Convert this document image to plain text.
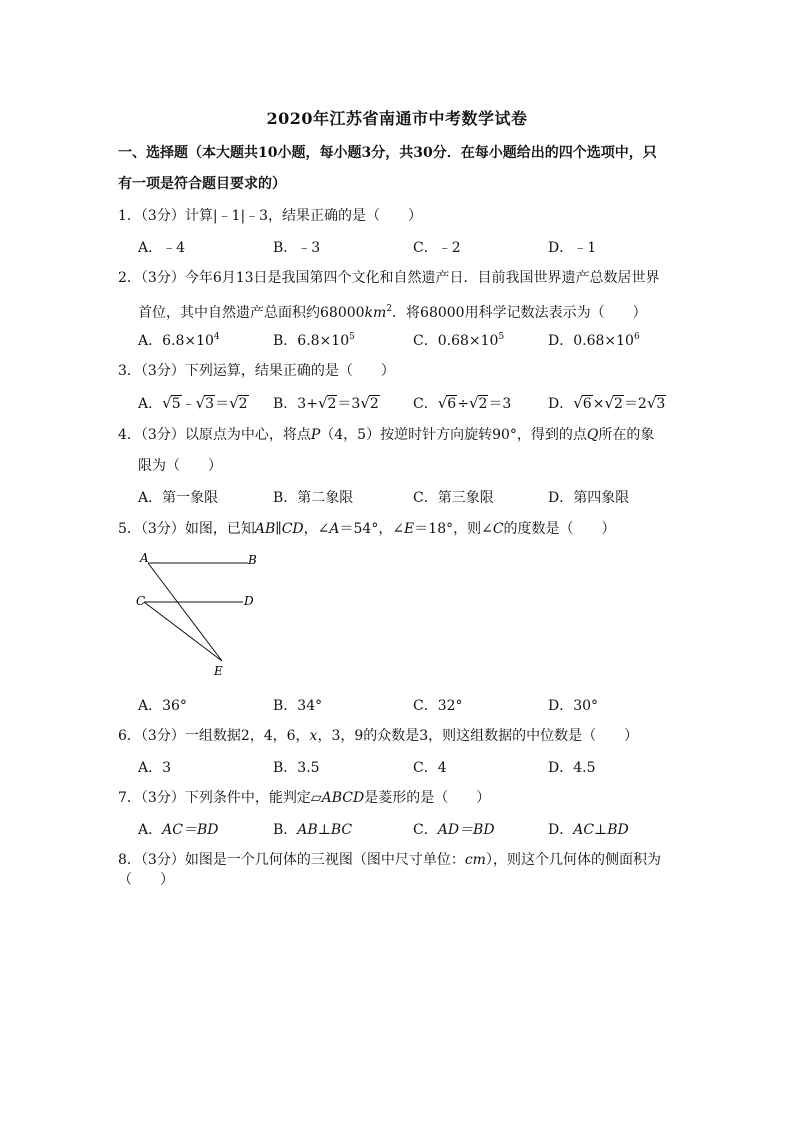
2020年江苏省南通市中考数学试卷
一、选择题（本大题共10小题，每小题3分，共30分．在每小题给出的四个选项中，只
有一项是符合题目要求的）
1．（3分）计算|﹣1|﹣3，结果正确的是（　　）
A．﹣4	B．﹣3	C．﹣2	D．﹣1
2．（3分）今年6月13日是我国第四个文化和自然遗产日．目前我国世界遗产总数居世界
首位，其中自然遗产总面积约$68000km^2$．将68000用科学记数法表示为（　　）
A．$6.8\times 10^4$	B．$6.8\times 10^5$	C．$0.68\times 10^5$	D．$0.68\times 10^6$
3．（3分）下列运算，结果正确的是（　　）
A．√5﹣√3＝√2 B．3+√2＝3√2 C．√6÷√2＝3	D．√6×√2＝2√3
4．（3分）以原点为中心，将点P（4，5）按逆时针方向旋转90°，得到的点Q所在的象
限为（　　）
A．第一象限	B．第二象限	C．第三象限	D．第四象限
5．（3分）如图，已知AB∥CD，∠A＝54°，∠E＝18°，则∠C的度数是（　　）
A	B
C	D
E
A．36°	B．34°	C．32°	D．30°
6．（3分）一组数据2，4，6，x，3，9的众数是3，则这组数据的中位数是（　　）
A．3	B．3.5	C．4	D．4.5
7．（3分）下列条件中，能判定▱ABCD是菱形的是（　　）
A．AC＝BD	B．AB⊥BC	C．AD＝BD	D．AC⊥BD
8．（3分）如图是一个几何体的三视图（图中尺寸单位：cm），则这个几何体的侧面积为（　　）
